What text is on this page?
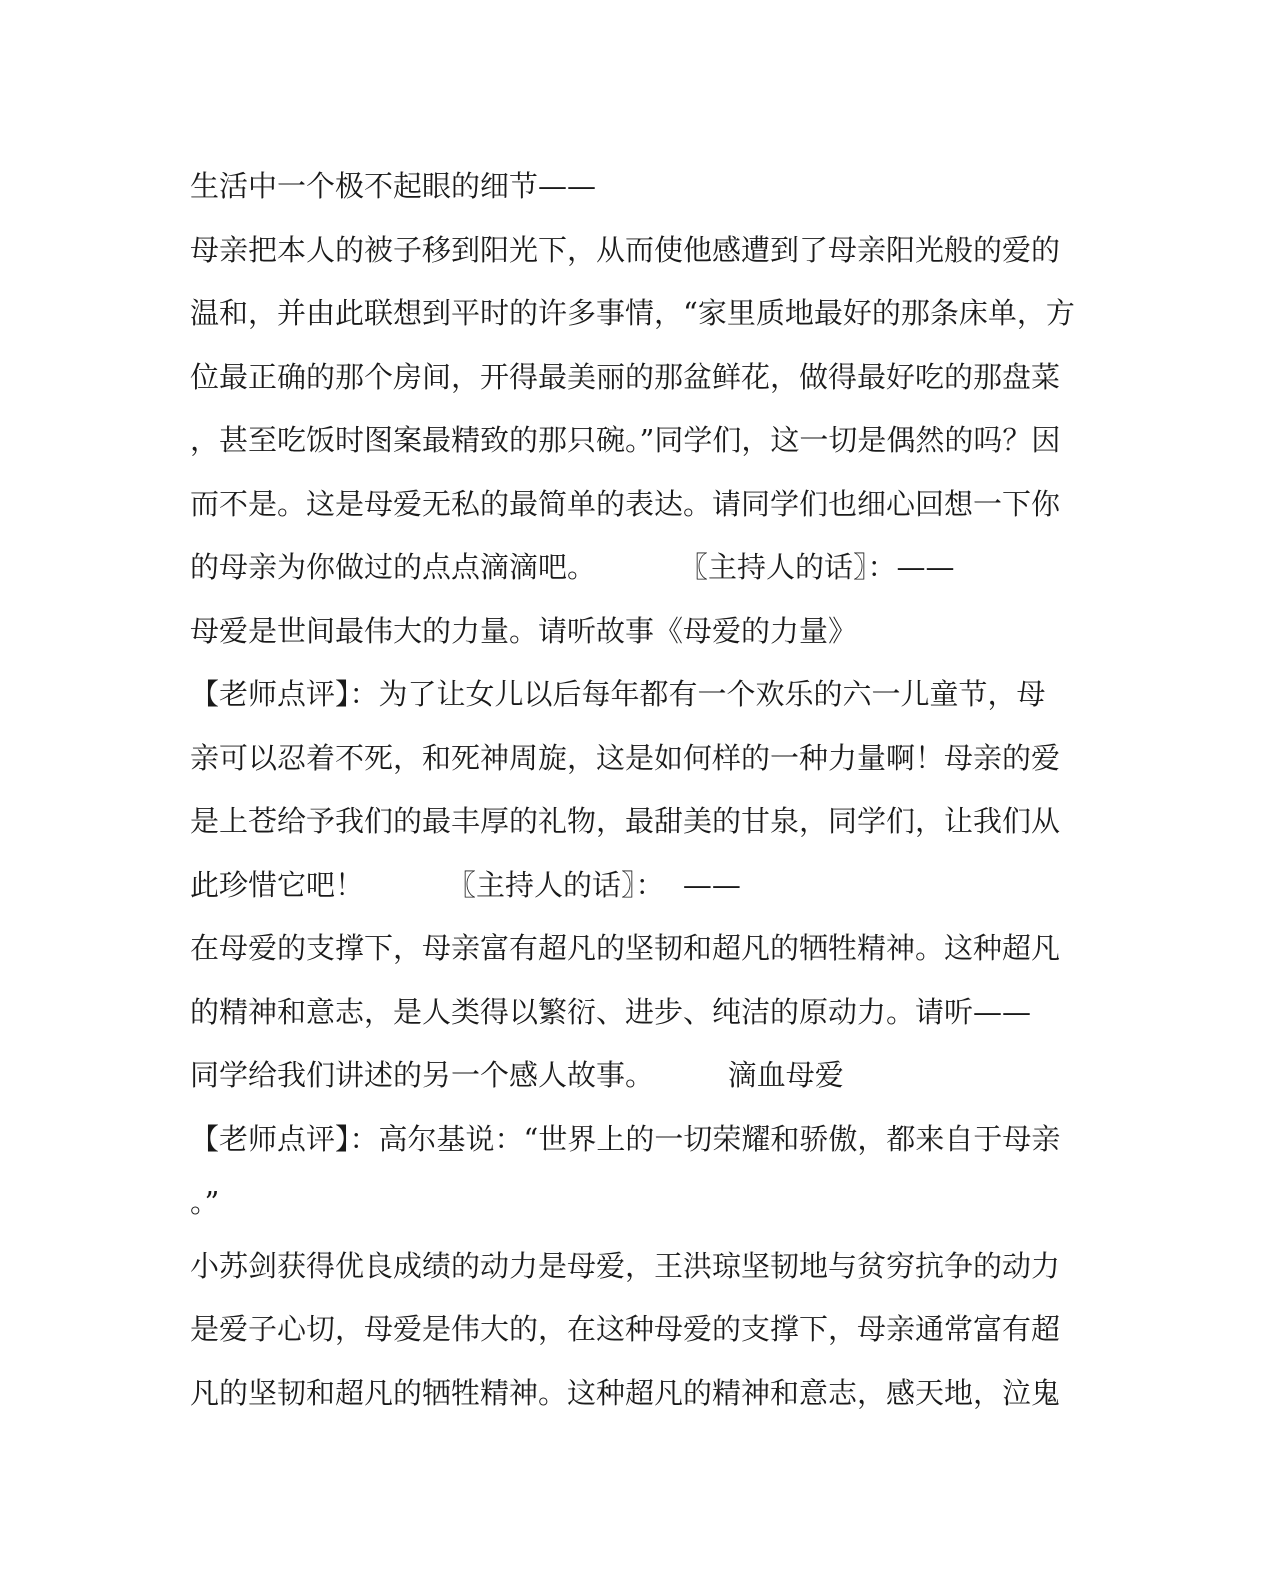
生活中一个极不起眼的细节——
母亲把本人的被子移到阳光下，从而使他感遭到了母亲阳光般的爱的
温和，并由此联想到平时的许多事情，“家里质地最好的那条床单，方
位最正确的那个房间，开得最美丽的那盆鲜花，做得最好吃的那盘菜
，甚至吃饭时图案最精致的那只碗。”同学们，这一切是偶然的吗？因
而不是。这是母爱无私的最简单的表达。请同学们也细心回想一下你
的母亲为你做过的点点滴滴吧。         〖主持人的话〗：——
母爱是世间最伟大的力量。请听故事《母爱的力量》
【老师点评】：为了让女儿以后每年都有一个欢乐的六一儿童节，母
亲可以忍着不死，和死神周旋，这是如何样的一种力量啊！母亲的爱
是上苍给予我们的最丰厚的礼物，最甜美的甘泉，同学们，让我们从
此珍惜它吧！         〖主持人的话〗：  ——
在母爱的支撑下，母亲富有超凡的坚韧和超凡的牺牲精神。这种超凡
的精神和意志，是人类得以繁衍、进步、纯洁的原动力。请听——
同学给我们讲述的另一个感人故事。        滴血母爱
【老师点评】：高尔基说：“世界上的一切荣耀和骄傲，都来自于母亲
。”
小苏剑获得优良成绩的动力是母爱，王洪琼坚韧地与贫穷抗争的动力
是爱子心切，母爱是伟大的，在这种母爱的支撑下，母亲通常富有超
凡的坚韧和超凡的牺牲精神。这种超凡的精神和意志，感天地，泣鬼
